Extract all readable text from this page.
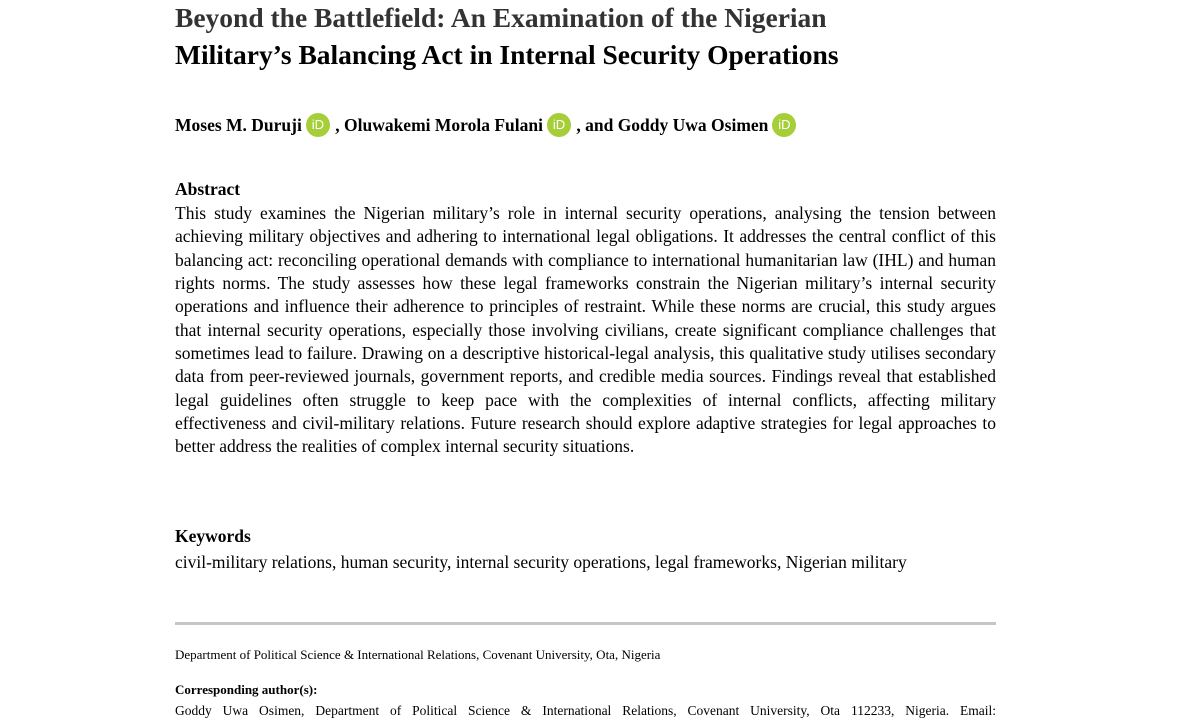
Beyond the Battlefield: An Examination of the Nigerian
Military’s Balancing Act in Internal Security Operations
Moses M. Duruji iD , Oluwakemi Morola Fulani iD , and Goddy Uwa Osimen iD
Abstract

This study examines the Nigerian military’s role in internal security operations, analysing the tension between achieving military objectives and adhering to international legal obligations. It addresses the central conflict of this balancing act: reconciling operational demands with compliance to international humanitarian law (IHL) and human rights norms. The study assesses how these legal frameworks constrain the Nigerian military’s internal security operations and influence their adherence to principles of restraint. While these norms are crucial, this study argues that internal security operations, especially those involving civilians, create significant compliance challenges that sometimes lead to failure. Drawing on a descriptive historical-legal analysis, this qualitative study utilises secondary data from peer-reviewed journals, government reports, and credible media sources. Findings reveal that established legal guidelines often struggle to keep pace with the complexities of internal conflicts, affecting military effectiveness and civil-military relations. Future research should explore adaptive strategies for legal approaches to better address the realities of complex internal security situations.

Keywords

civil-military relations, human security, internal security operations, legal frameworks, Nigerian military

Department of Political Science & International Relations, Covenant University, Ota, Nigeria
Corresponding author(s):
Goddy Uwa Osimen, Department of Political Science & International Relations, Covenant University, Ota 112233, Nigeria. Email:
